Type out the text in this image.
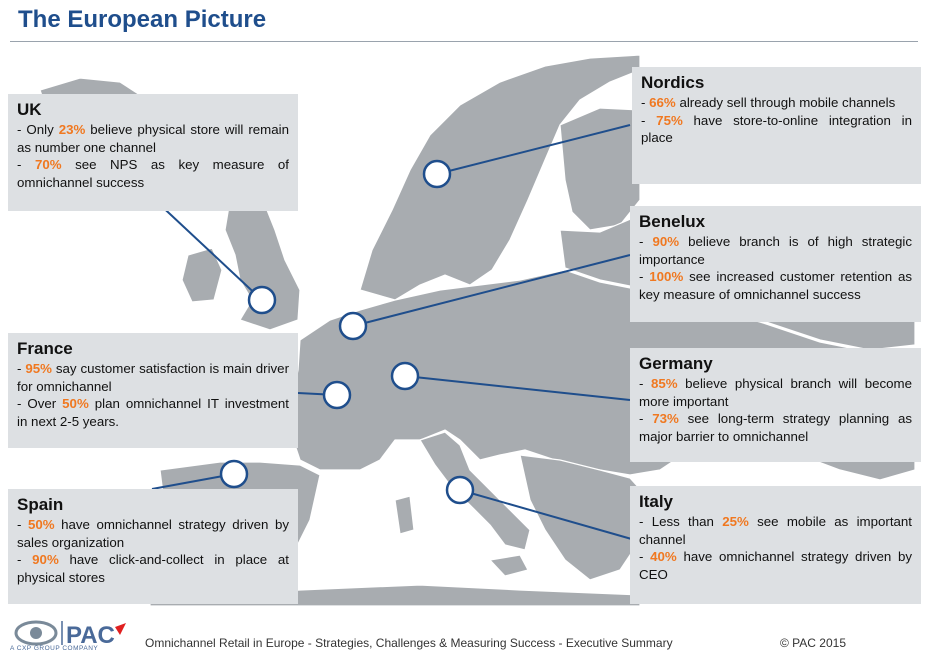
The European Picture
UK

- Only 23% believe physical store will remain as number one channel

- 70% see NPS as key measure of omnichannel success

Nordics

- 66% already sell through mobile channels

- 75% have store-to-online integration in place

Benelux

- 90% believe branch is of high strategic importance

- 100% see increased customer retention as key measure of omnichannel success

France

- 95% say customer satisfaction is main driver for omnichannel

- Over 50% plan omnichannel IT investment in next 2-5 years.

Germany

- 85% believe physical branch will become more important

- 73% see long-term strategy planning as major barrier to omnichannel

Spain

- 50% have omnichannel strategy driven by sales organization

- 90% have click-and-collect in place at physical stores

Italy

- Less than 25% see mobile as important channel

- 40% have omnichannel strategy driven by CEO

PAC
A CXP GROUP COMPANY	Omnichannel Retail in Europe - Strategies, Challenges & Measuring Success - Executive Summary	© PAC 2015
